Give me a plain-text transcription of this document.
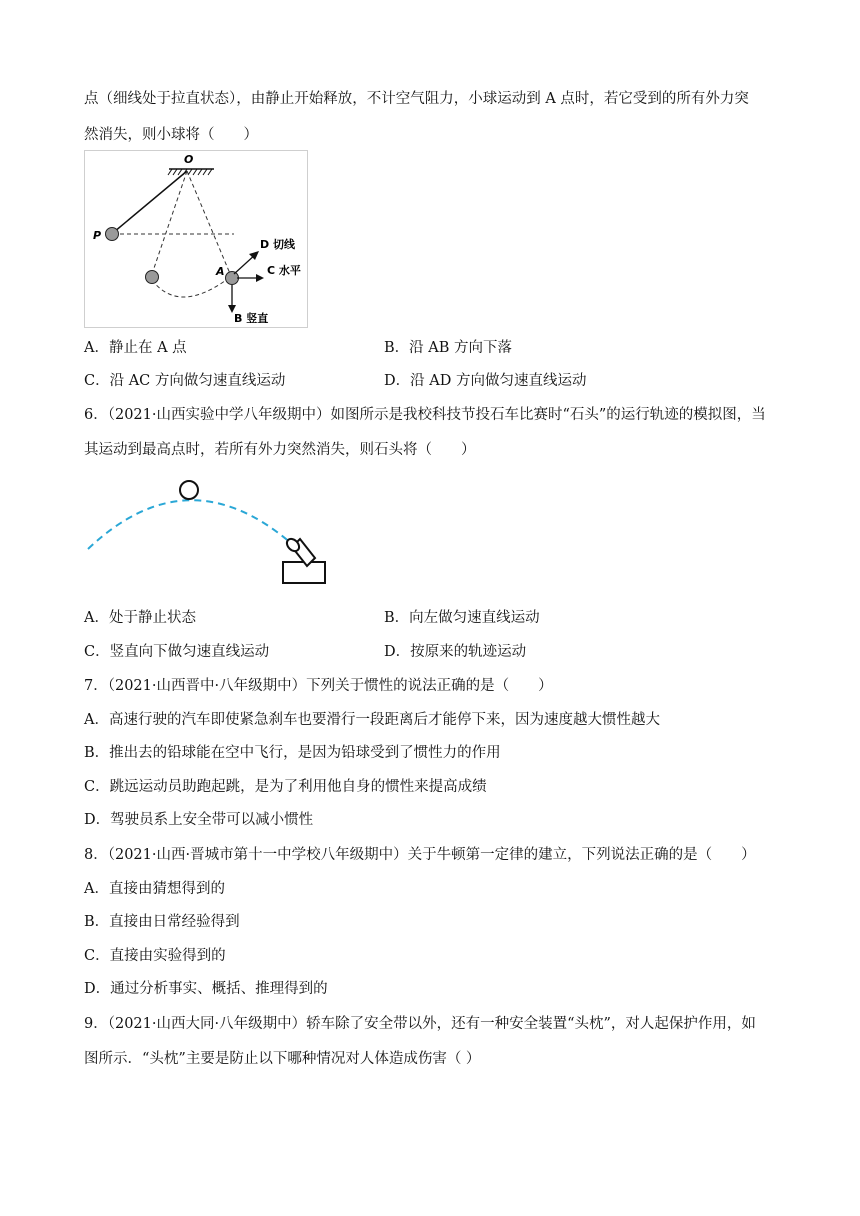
点（细线处于拉直状态），由静止开始释放，不计空气阻力，小球运动到 A 点时，若它受到的所有外力突
然消失，则小球将（　　）
O
P
A
D 切线
C 水平
B 竖直
A．静止在 A 点	B．沿 AB 方向下落
C．沿 AC 方向做匀速直线运动	D．沿 AD 方向做匀速直线运动
6．（2021·山西实验中学八年级期中）如图所示是我校科技节投石车比赛时“石头”的运行轨迹的模拟图，当
其运动到最高点时，若所有外力突然消失，则石头将（　　）
A．处于静止状态	B．向左做匀速直线运动
C．竖直向下做匀速直线运动	D．按原来的轨迹运动
7．（2021·山西晋中·八年级期中）下列关于惯性的说法正确的是（　　）
A．高速行驶的汽车即使紧急刹车也要滑行一段距离后才能停下来，因为速度越大惯性越大
B．推出去的铅球能在空中飞行，是因为铅球受到了惯性力的作用
C．跳远运动员助跑起跳，是为了利用他自身的惯性来提高成绩
D．驾驶员系上安全带可以减小惯性
8．（2021·山西·晋城市第十一中学校八年级期中）关于牛顿第一定律的建立，下列说法正确的是（　　）
A．直接由猜想得到的
B．直接由日常经验得到
C．直接由实验得到的
D．通过分析事实、概括、推理得到的
9．（2021·山西大同·八年级期中）轿车除了安全带以外，还有一种安全装置“头枕”，对人起保护作用，如
图所示．“头枕”主要是防止以下哪种情况对人体造成伤害（ ）
